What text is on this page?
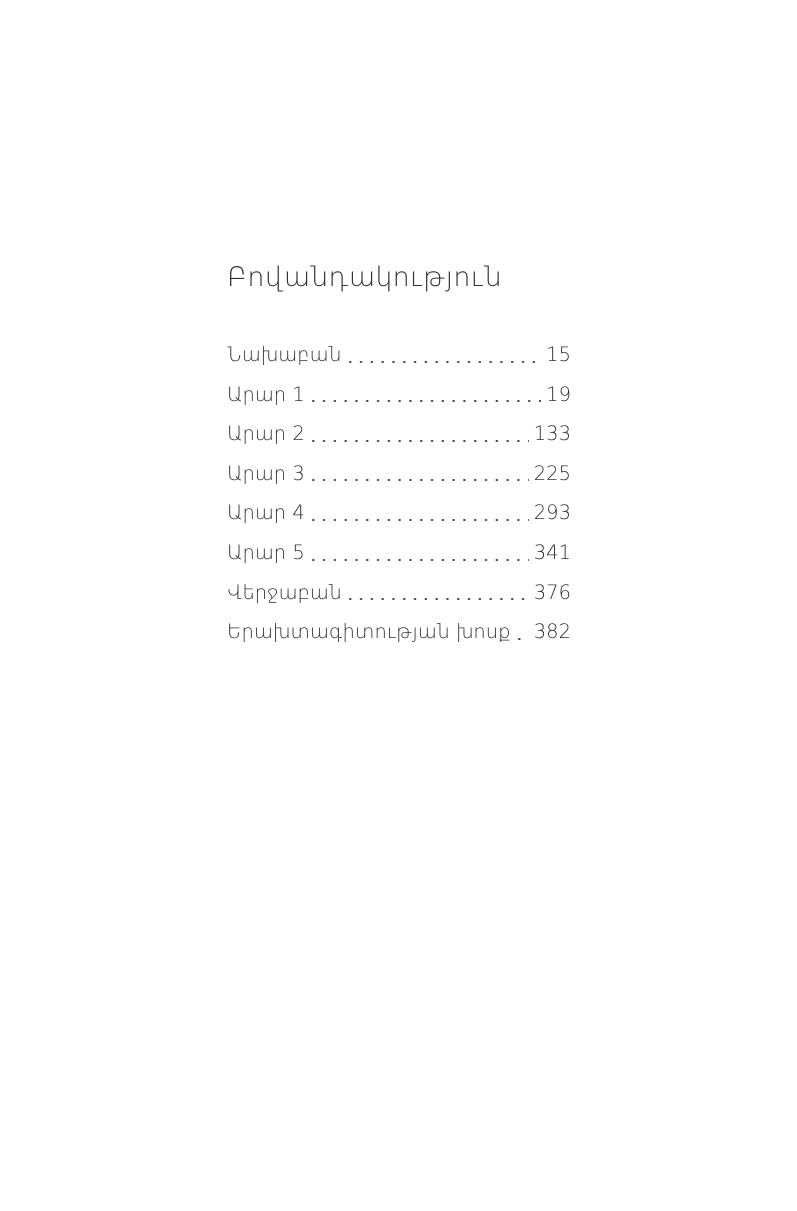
Բովանդակություն
Նախաբան	15
Արար 1	19
Արար 2	133
Արար 3	225
Արար 4	293
Արար 5	341
Վերջաբան	376
Երախտագիտության խոսք 382
